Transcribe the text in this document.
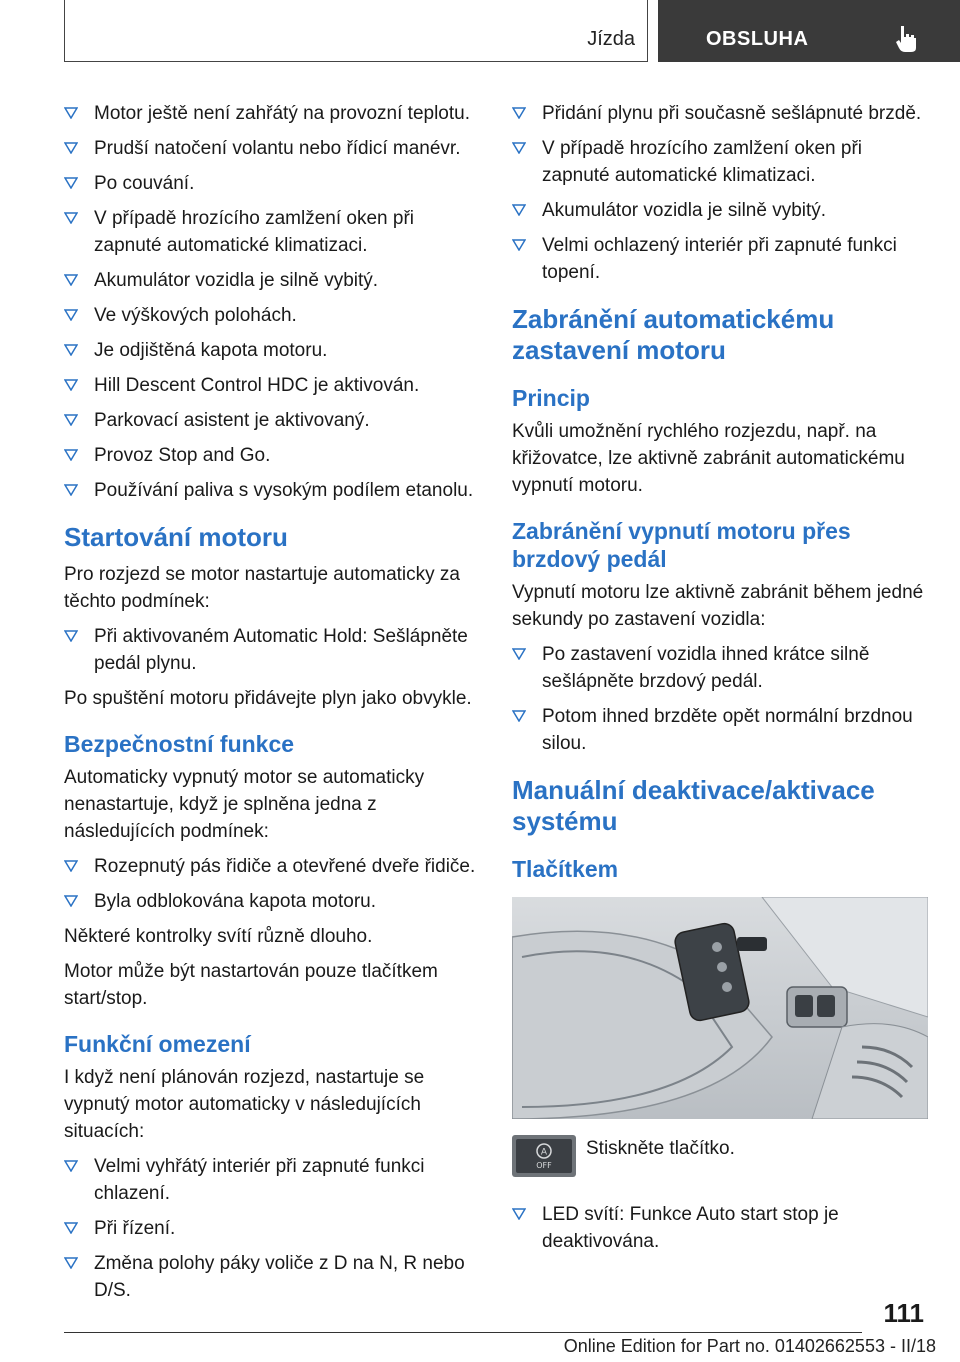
Jízda	OBSLUHA
Motor ještě není zahřátý na provozní teplotu.
Prudší natočení volantu nebo řídicí manévr.
Po couvání.
V případě hrozícího zamlžení oken při zapnuté automatické klimatizaci.
Akumulátor vozidla je silně vybitý.
Ve výškových polohách.
Je odjištěná kapota motoru.
Hill Descent Control HDC je aktivován.
Parkovací asistent je aktivovaný.
Provoz Stop and Go.
Používání paliva s vysokým podílem etanolu.
Startování motoru

Pro rozjezd se motor nastartuje automaticky za těchto podmínek:

Při aktivovaném Automatic Hold: Sešlápněte pedál plynu.

Po spuštění motoru přidávejte plyn jako obvykle.

Bezpečnostní funkce

Automaticky vypnutý motor se automaticky nenastartuje, když je splněna jedna z následujících podmínek:

Rozepnutý pás řidiče a otevřené dveře řidiče.
Byla odblokována kapota motoru.

Některé kontrolky svítí různě dlouho.

Motor může být nastartován pouze tlačítkem start/stop.

Funkční omezení

I když není plánován rozjezd, nastartuje se vypnutý motor automaticky v následujících situacích:

Velmi vyhřátý interiér při zapnuté funkci chlazení.
Při řízení.
Změna polohy páky voliče z D na N, R nebo D/S.
Přidání plynu při současně sešlápnuté brzdě.
V případě hrozícího zamlžení oken při zapnuté automatické klimatizaci.
Akumulátor vozidla je silně vybitý.
Velmi ochlazený interiér při zapnuté funkci topení.
Zabránění automatickému zastavení motoru
Princip

Kvůli umožnění rychlého rozjezdu, např. na křižovatce, lze aktivně zabránit automatickému vypnutí motoru.

Zabránění vypnutí motoru přes brzdový pedál

Vypnutí motoru lze aktivně zabránit během jedné sekundy po zastavení vozidla:

Po zastavení vozidla ihned krátce silně sešlápněte brzdový pedál.
Potom ihned brzděte opět normální brzdnou silou.
Manuální deaktivace/aktivace systému
Tlačítkem
A
OFF
Stiskněte tlačítko.
LED svítí: Funkce Auto start stop je deaktivována.
111
Online Edition for Part no. 01402662553 - II/18
